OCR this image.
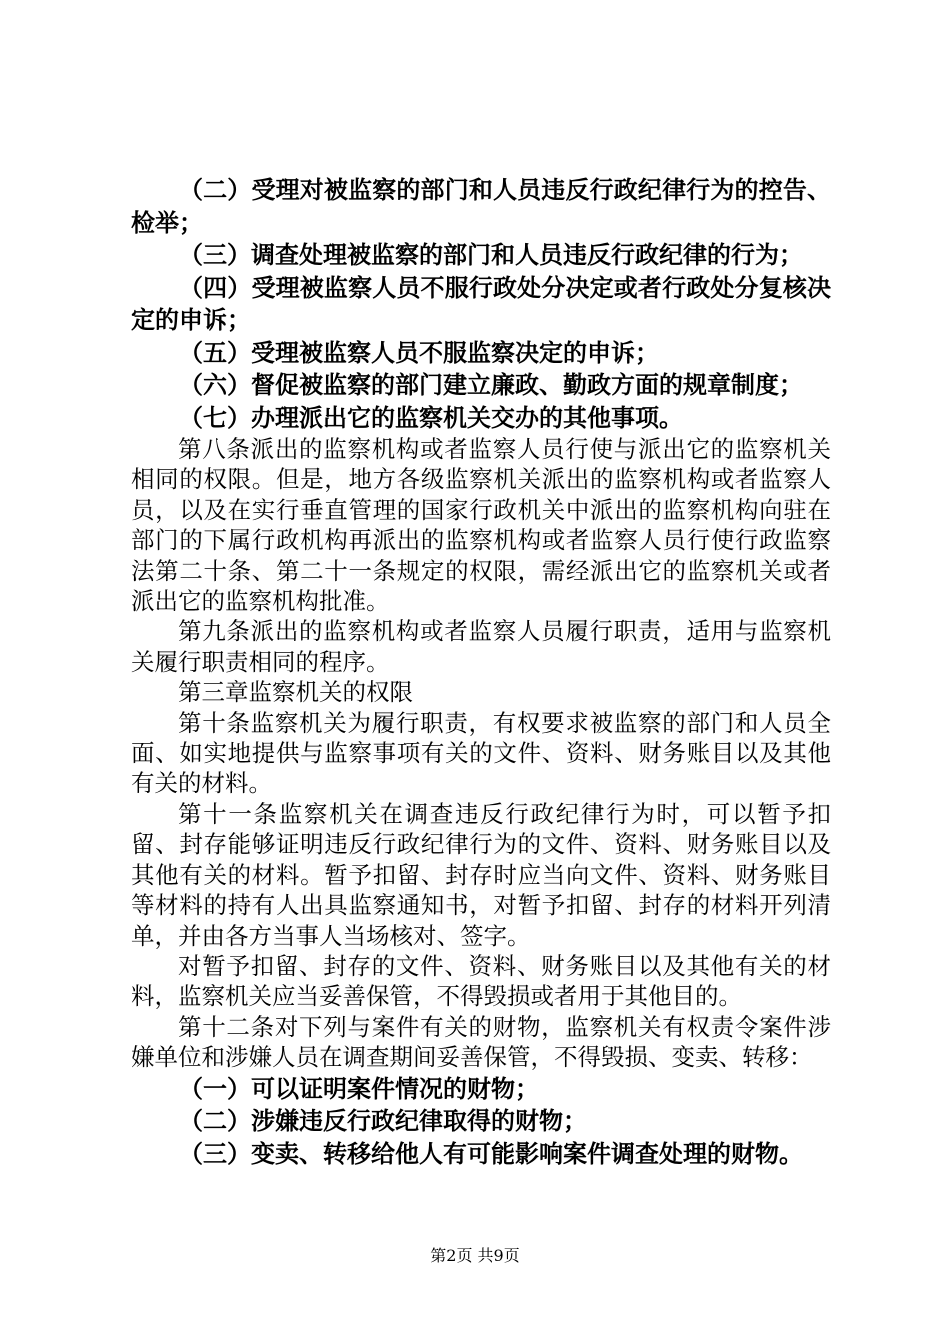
（二）受理对被监察的部门和人员违反行政纪律行为的控告、检举；

（三）调查处理被监察的部门和人员违反行政纪律的行为；

（四）受理被监察人员不服行政处分决定或者行政处分复核决定的申诉；

（五）受理被监察人员不服监察决定的申诉；

（六）督促被监察的部门建立廉政、勤政方面的规章制度；

（七）办理派出它的监察机关交办的其他事项。

第八条派出的监察机构或者监察人员行使与派出它的监察机关相同的权限。但是，地方各级监察机关派出的监察机构或者监察人员，以及在实行垂直管理的国家行政机关中派出的监察机构向驻在部门的下属行政机构再派出的监察机构或者监察人员行使行政监察法第二十条、第二十一条规定的权限，需经派出它的监察机关或者派出它的监察机构批准。

第九条派出的监察机构或者监察人员履行职责，适用与监察机关履行职责相同的程序。

第三章监察机关的权限

第十条监察机关为履行职责，有权要求被监察的部门和人员全面、如实地提供与监察事项有关的文件、资料、财务账目以及其他有关的材料。

第十一条监察机关在调查违反行政纪律行为时，可以暂予扣留、封存能够证明违反行政纪律行为的文件、资料、财务账目以及其他有关的材料。暂予扣留、封存时应当向文件、资料、财务账目等材料的持有人出具监察通知书，对暂予扣留、封存的材料开列清单，并由各方当事人当场核对、签字。

对暂予扣留、封存的文件、资料、财务账目以及其他有关的材料，监察机关应当妥善保管，不得毁损或者用于其他目的。

第十二条对下列与案件有关的财物，监察机关有权责令案件涉嫌单位和涉嫌人员在调查期间妥善保管，不得毁损、变卖、转移：

（一）可以证明案件情况的财物；

（二）涉嫌违反行政纪律取得的财物；

（三）变卖、转移给他人有可能影响案件调查处理的财物。

第2页 共9页
